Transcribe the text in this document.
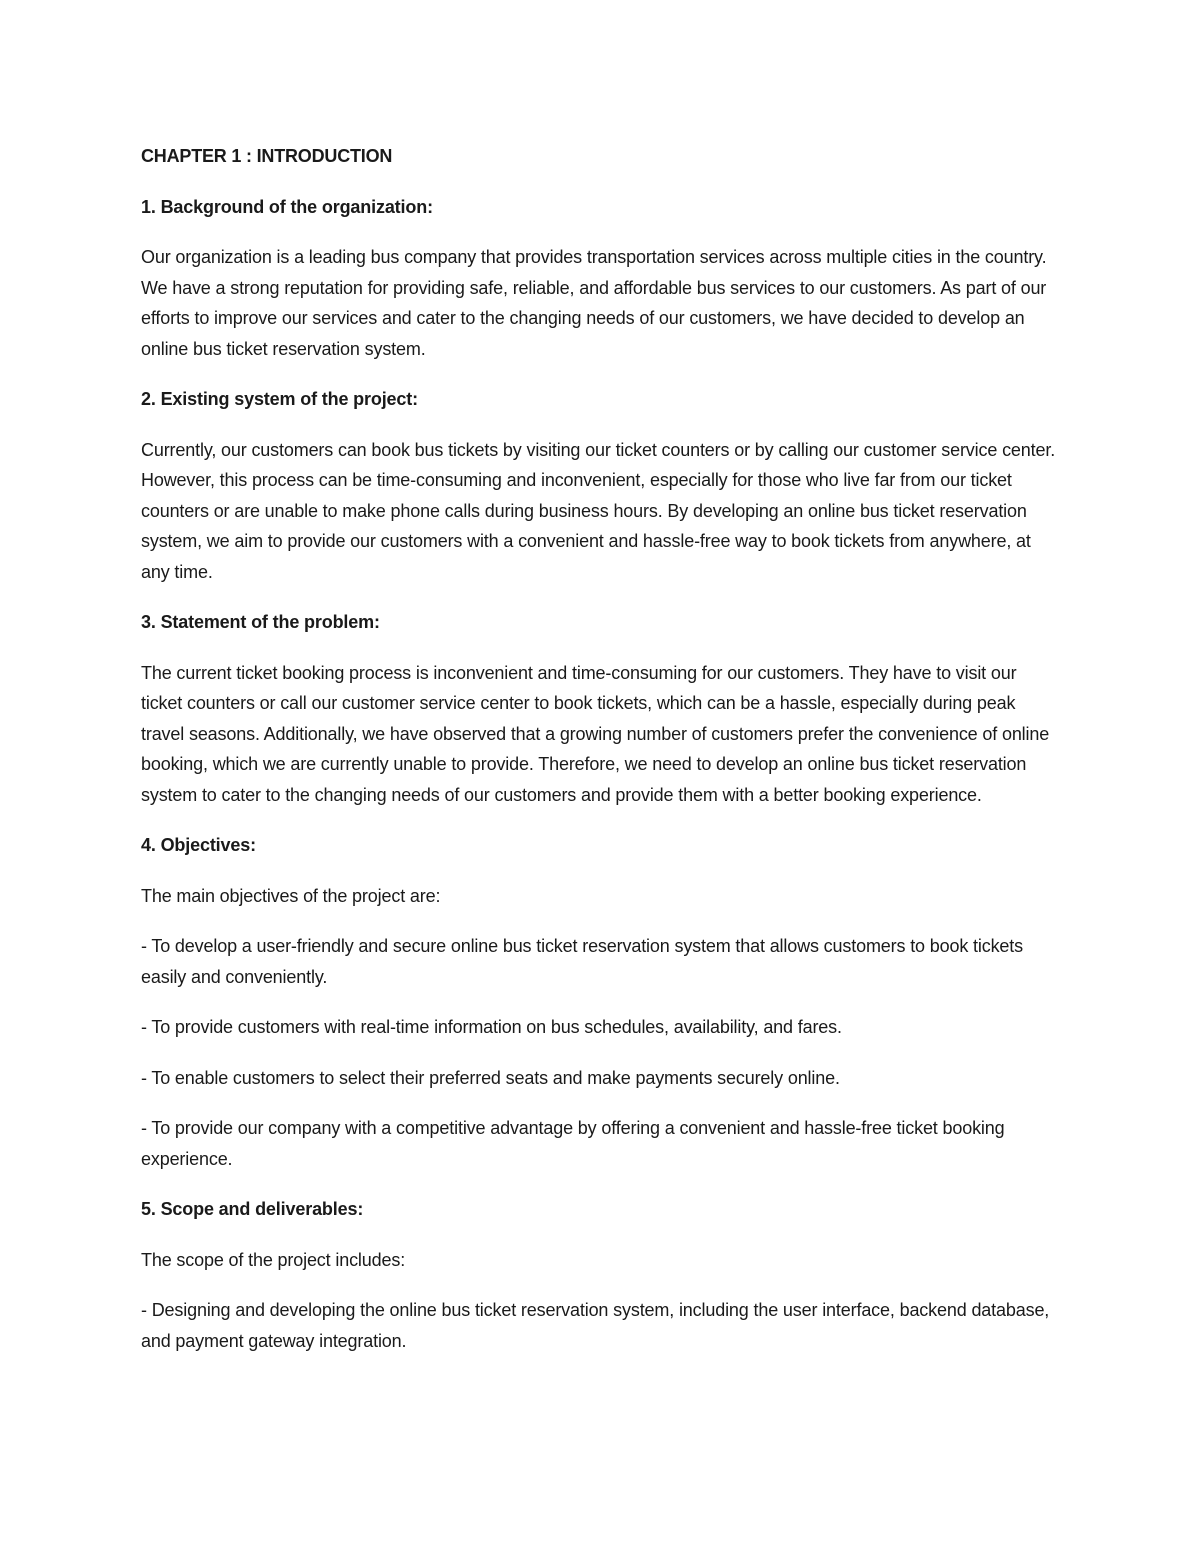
CHAPTER 1 : INTRODUCTION

1. Background of the organization:

Our organization is a leading bus company that provides transportation services across multiple cities in the country. We have a strong reputation for providing safe, reliable, and affordable bus services to our customers. As part of our efforts to improve our services and cater to the changing needs of our customers, we have decided to develop an online bus ticket reservation system.

2. Existing system of the project:

Currently, our customers can book bus tickets by visiting our ticket counters or by calling our customer service center. However, this process can be time-consuming and inconvenient, especially for those who live far from our ticket counters or are unable to make phone calls during business hours. By developing an online bus ticket reservation system, we aim to provide our customers with a convenient and hassle-free way to book tickets from anywhere, at any time.

3. Statement of the problem:

The current ticket booking process is inconvenient and time-consuming for our customers. They have to visit our ticket counters or call our customer service center to book tickets, which can be a hassle, especially during peak travel seasons. Additionally, we have observed that a growing number of customers prefer the convenience of online booking, which we are currently unable to provide. Therefore, we need to develop an online bus ticket reservation system to cater to the changing needs of our customers and provide them with a better booking experience.

4. Objectives:

The main objectives of the project are:

- To develop a user-friendly and secure online bus ticket reservation system that allows customers to book tickets easily and conveniently.

- To provide customers with real-time information on bus schedules, availability, and fares.

- To enable customers to select their preferred seats and make payments securely online.

- To provide our company with a competitive advantage by offering a convenient and hassle-free ticket booking experience.

5. Scope and deliverables:

The scope of the project includes:

- Designing and developing the online bus ticket reservation system, including the user interface, backend database, and payment gateway integration.
